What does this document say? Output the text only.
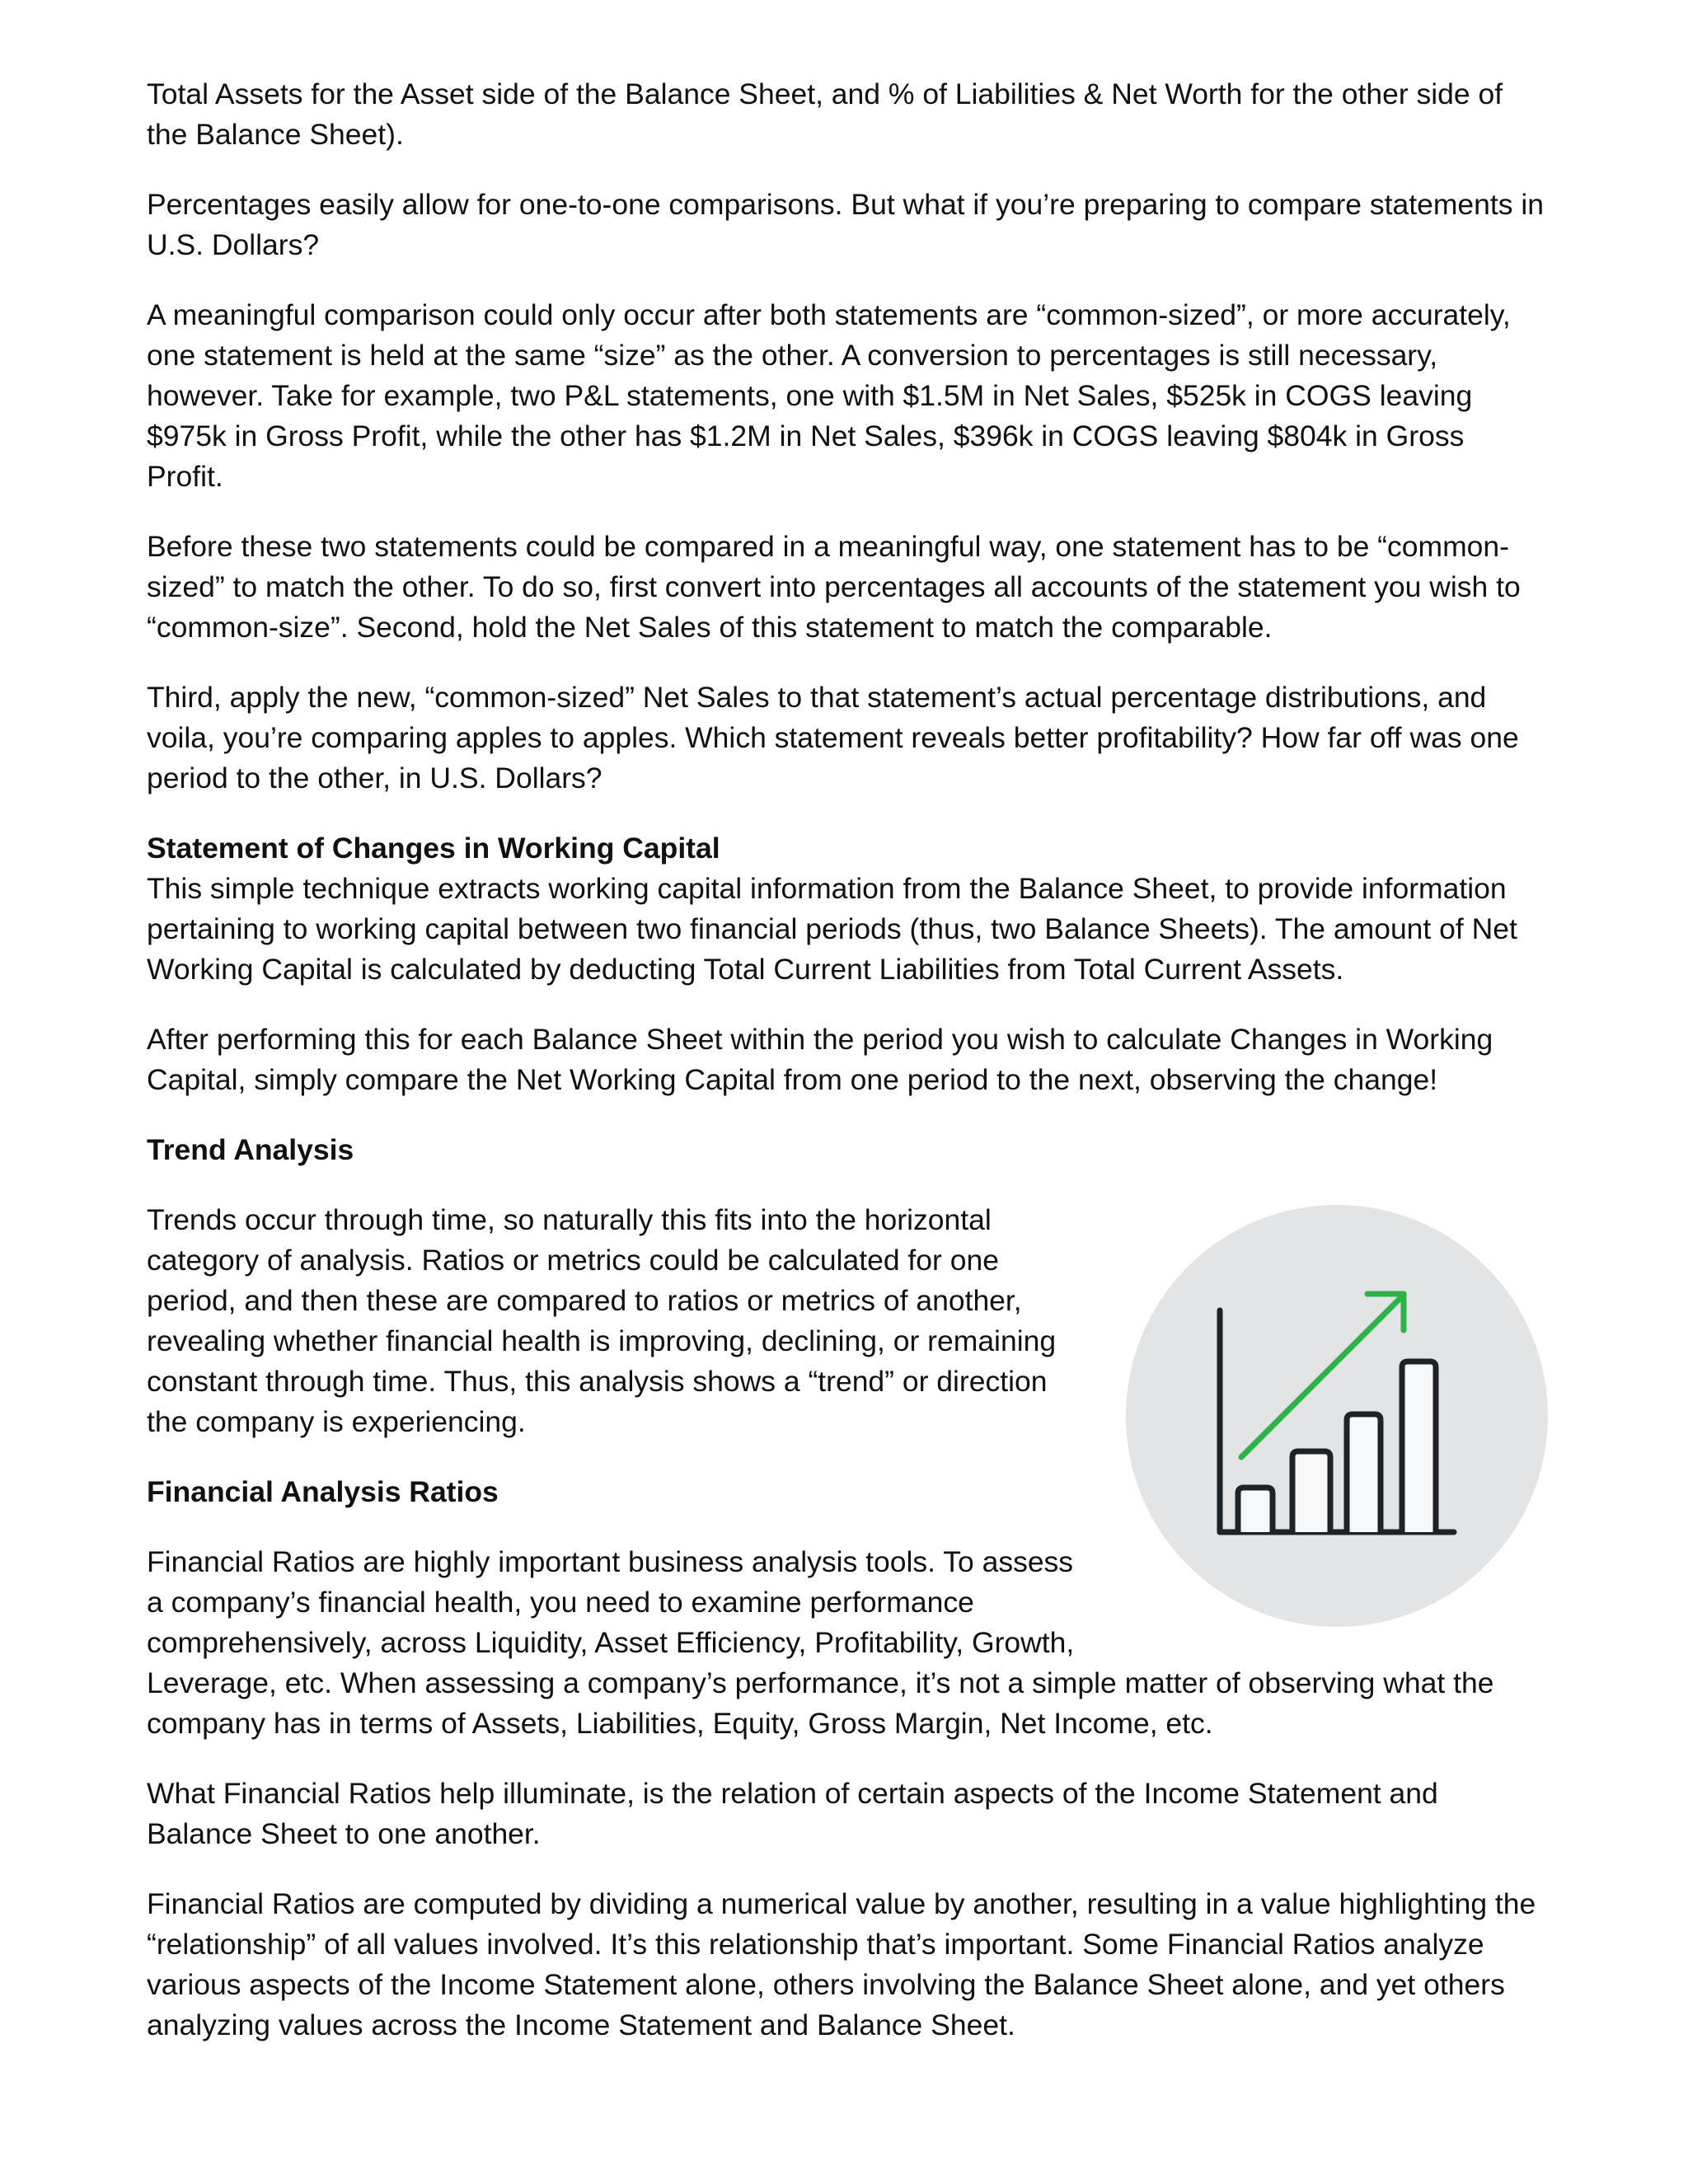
Total Assets for the Asset side of the Balance Sheet, and % of Liabilities & Net Worth for the other side of the Balance Sheet).

Percentages easily allow for one-to-one comparisons. But what if you’re preparing to compare statements in U.S. Dollars?

A meaningful comparison could only occur after both statements are “common-sized”, or more accurately, one statement is held at the same “size” as the other. A conversion to percentages is still necessary, however. Take for example, two P&L statements, one with $1.5M in Net Sales, $525k in COGS leaving $975k in Gross Profit, while the other has $1.2M in Net Sales, $396k in COGS leaving $804k in Gross Profit.

Before these two statements could be compared in a meaningful way, one statement has to be “common-sized” to match the other. To do so, first convert into percentages all accounts of the statement you wish to “common-size”. Second, hold the Net Sales of this statement to match the comparable.

Third, apply the new, “common-sized” Net Sales to that statement’s actual percentage distributions, and voila, you’re comparing apples to apples. Which statement reveals better profitability? How far off was one period to the other, in U.S. Dollars?

Statement of Changes in Working Capital

This simple technique extracts working capital information from the Balance Sheet, to provide information pertaining to working capital between two financial periods (thus, two Balance Sheets). The amount of Net Working Capital is calculated by deducting Total Current Liabilities from Total Current Assets.

After performing this for each Balance Sheet within the period you wish to calculate Changes in Working Capital, simply compare the Net Working Capital from one period to the next, observing the change!

Trend Analysis

Trends occur through time, so naturally this fits into the horizontal category of analysis. Ratios or metrics could be calculated for one period, and then these are compared to ratios or metrics of another, revealing whether financial health is improving, declining, or remaining constant through time. Thus, this analysis shows a “trend” or direction the company is experiencing.

Financial Analysis Ratios

Financial Ratios are highly important business analysis tools. To assess a company’s financial health, you need to examine performance comprehensively, across Liquidity, Asset Efficiency, Profitability, Growth, Leverage, etc. When assessing a company’s performance, it’s not a simple matter of observing what the company has in terms of Assets, Liabilities, Equity, Gross Margin, Net Income, etc.

What Financial Ratios help illuminate, is the relation of certain aspects of the Income Statement and Balance Sheet to one another.

Financial Ratios are computed by dividing a numerical value by another, resulting in a value highlighting the “relationship” of all values involved. It’s this relationship that’s important. Some Financial Ratios analyze various aspects of the Income Statement alone, others involving the Balance Sheet alone, and yet others analyzing values across the Income Statement and Balance Sheet.
